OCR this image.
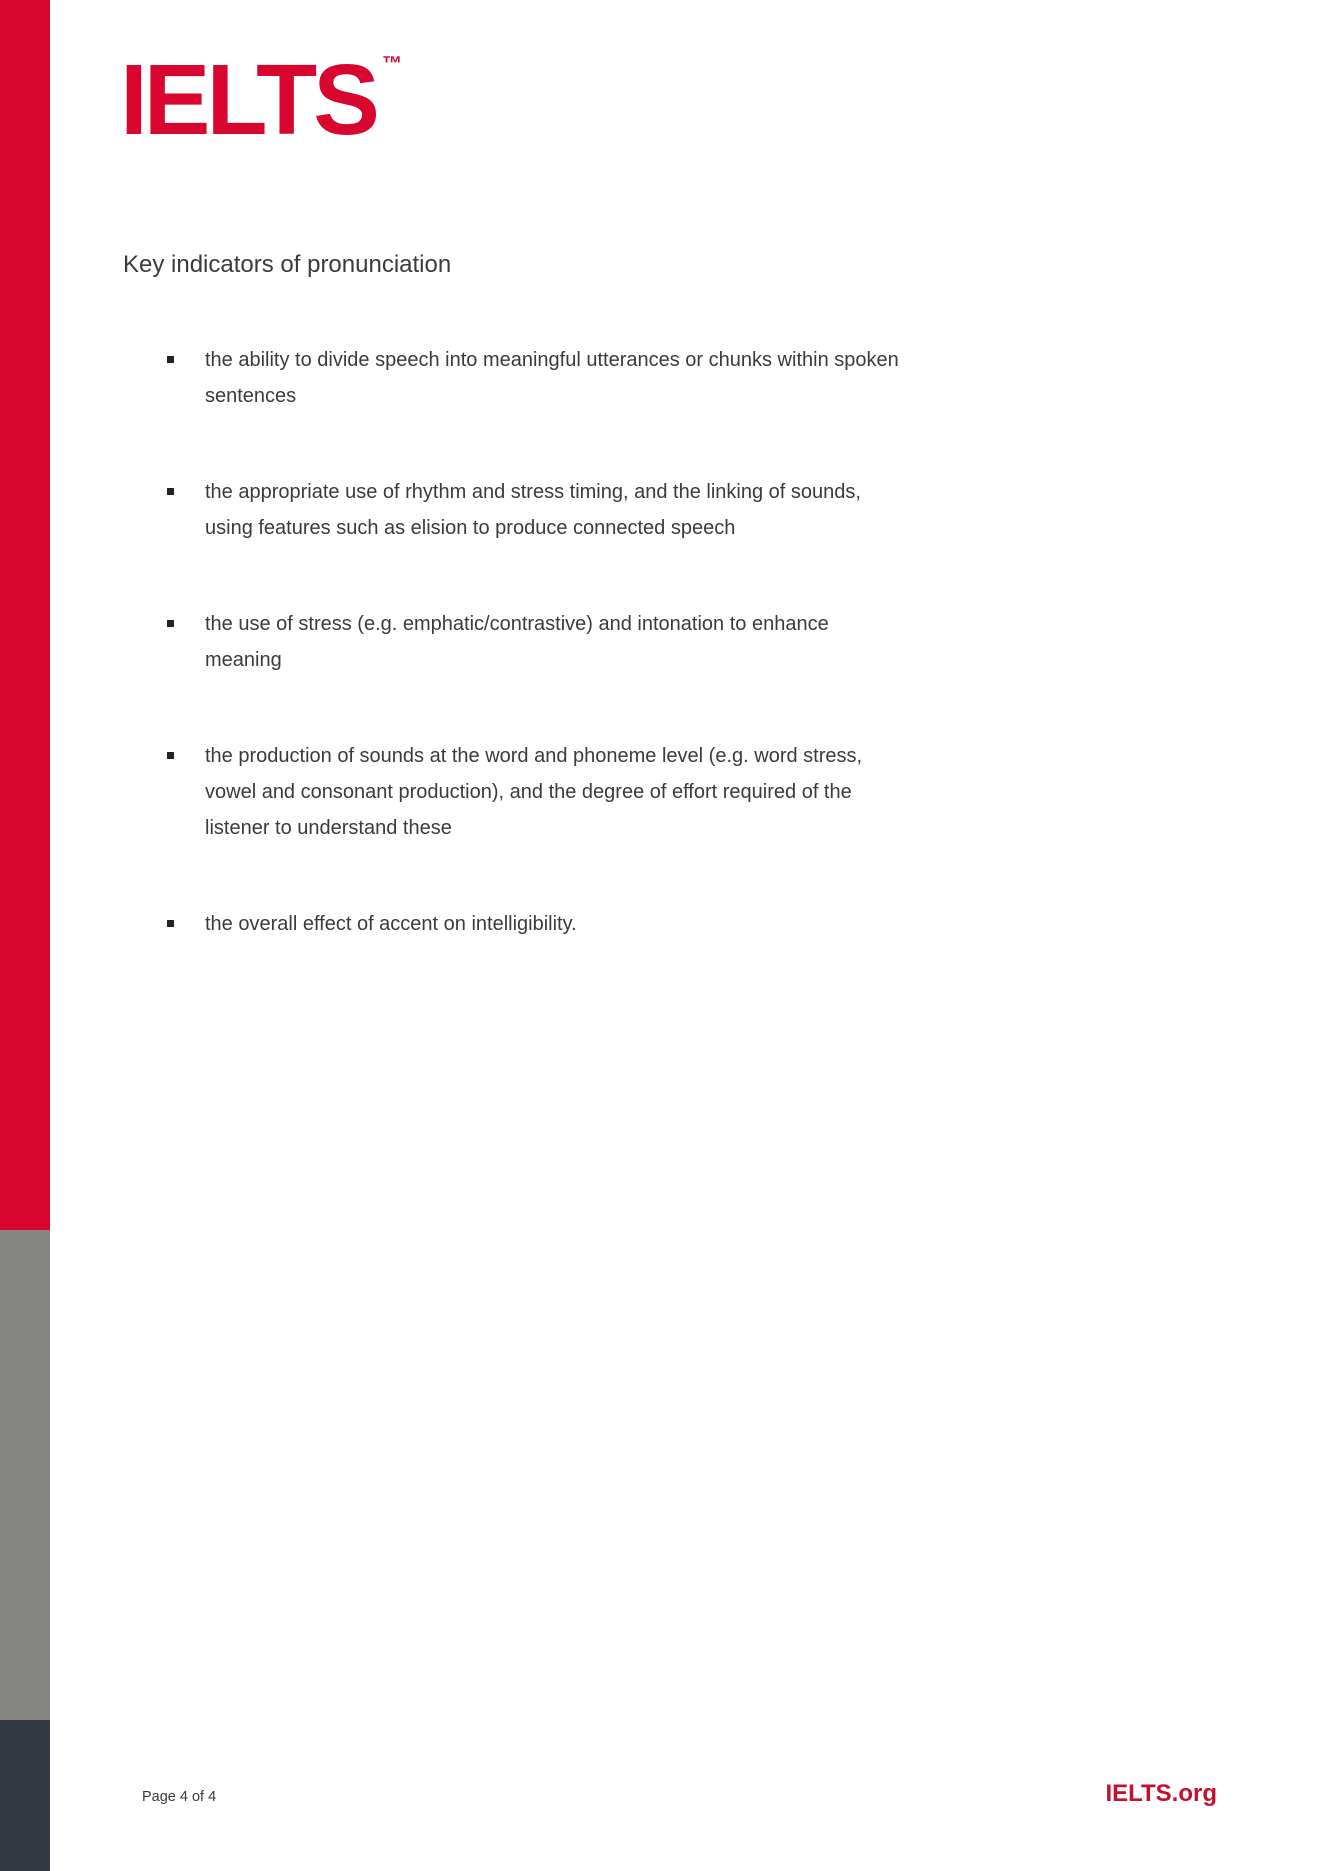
IELTS ™
Key indicators of pronunciation
the ability to divide speech into meaningful utterances or chunks within spoken
sentences
the appropriate use of rhythm and stress timing, and the linking of sounds,
using features such as elision to produce connected speech
the use of stress (e.g. emphatic/contrastive) and intonation to enhance
meaning
the production of sounds at the word and phoneme level (e.g. word stress,
vowel and consonant production), and the degree of effort required of the
listener to understand these
the overall effect of accent on intelligibility.
Page 4 of 4	IELTS.org
